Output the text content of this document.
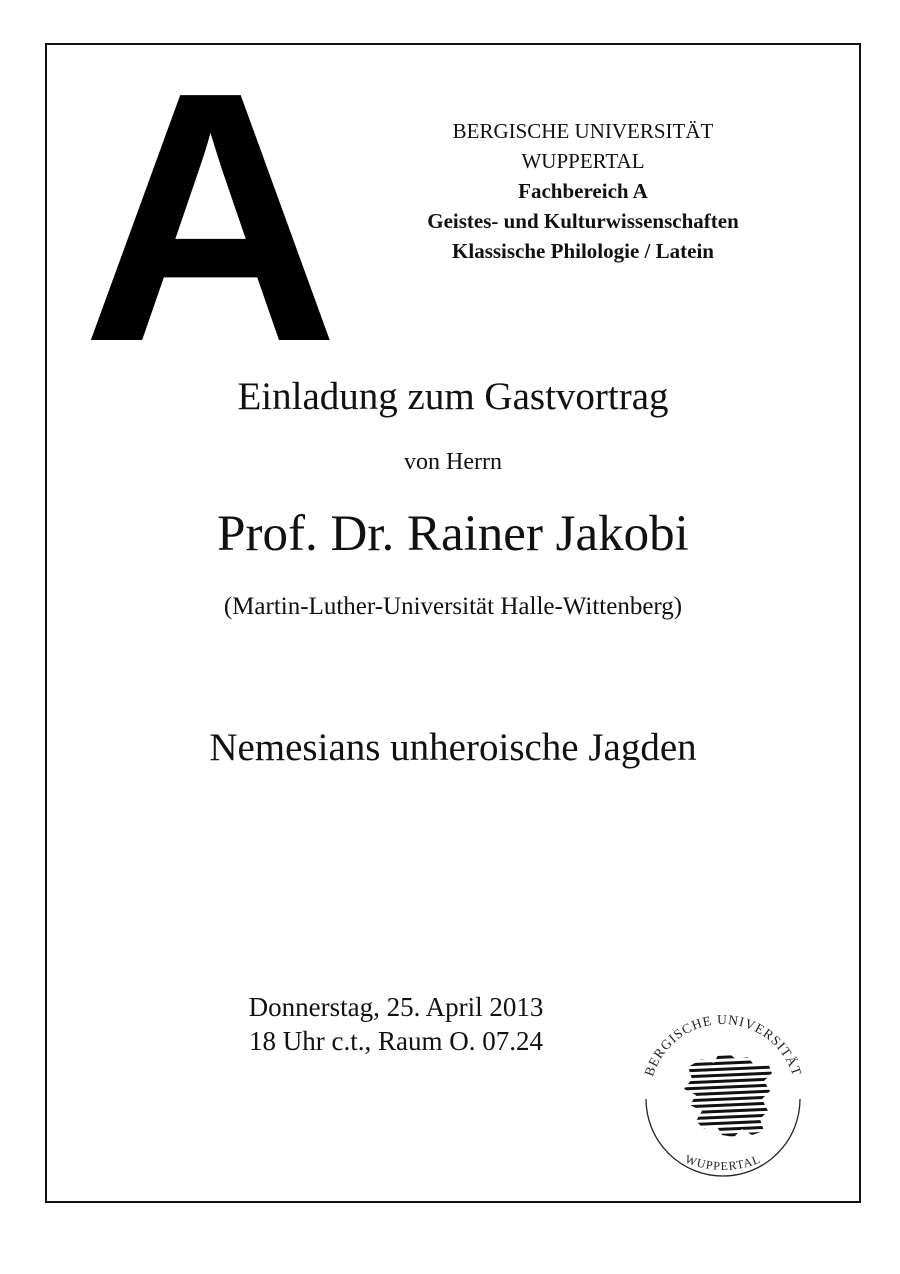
A	BERGISCHE UNIVERSITÄT
WUPPERTAL
Fachbereich A
Geistes- und Kulturwissenschaften
Klassische Philologie / Latein
Einladung zum Gastvortrag
von Herrn
Prof. Dr. Rainer Jakobi
(Martin-Luther-Universität Halle-Wittenberg)
Nemesians unheroische Jagden
Donnerstag, 25. April 2013
18 Uhr c.t., Raum O. 07.24
BERGISCHE UNIVERSITÄT
WUPPERTAL
